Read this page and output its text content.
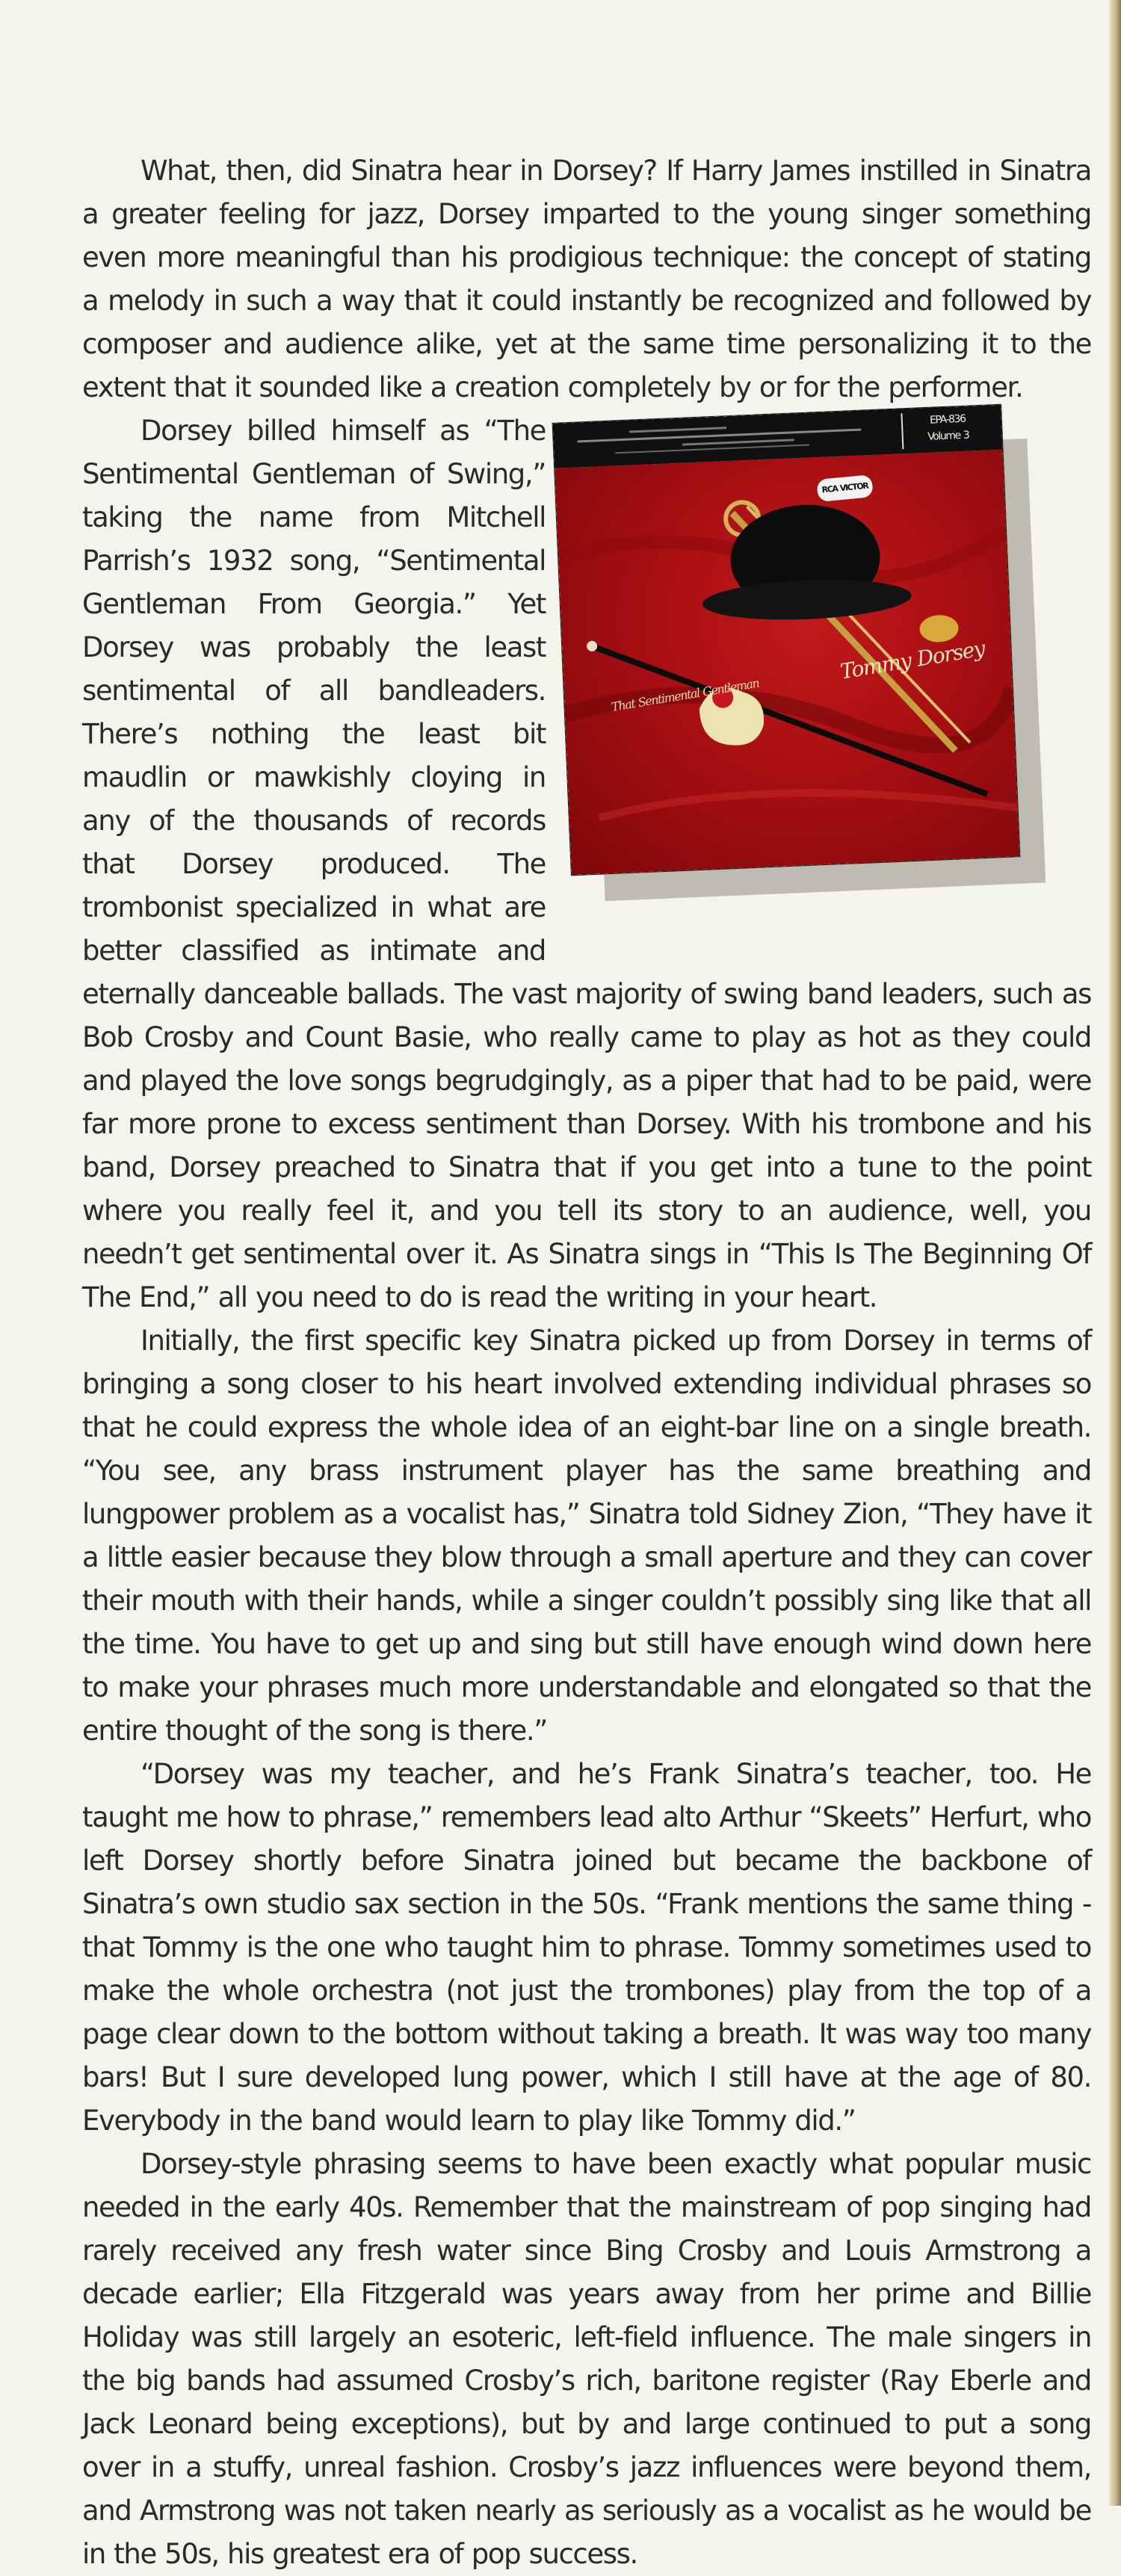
What, then, did Sinatra hear in Dorsey? If Harry James instilled in Sinatra a greater feeling for jazz, Dorsey imparted to the young singer something even more meaningful than his prodigious technique: the concept of stating a melody in such a way that it could instantly be recognized and followed by composer and audience alike, yet at the same time personalizing it to the extent that it sounded like a creation completely by or for the performer.

EPA-836
Volume 3
That Sentimental Gentleman
Tommy Dorsey
RCA VICTOR

Dorsey billed himself as “The Sentimental Gentleman of Swing,” taking the name from Mitchell Parrish’s 1932 song, “Sentimental Gentleman From Georgia.” Yet Dorsey was probably the least sentimental of all bandleaders. There’s nothing the least bit maudlin or mawkishly cloying in any of the thousands of records that Dorsey produced. The trombonist specialized in what are better classified as intimate and eternally danceable ballads. The vast majority of swing band leaders, such as Bob Crosby and Count Basie, who really came to play as hot as they could and played the love songs begrudgingly, as a piper that had to be paid, were far more prone to excess sentiment than Dorsey. With his trombone and his band, Dorsey preached to Sinatra that if you get into a tune to the point where you really feel it, and you tell its story to an audience, well, you needn’t get sentimental over it. As Sinatra sings in “This Is The Beginning Of The End,” all you need to do is read the writing in your heart.

Initially, the first specific key Sinatra picked up from Dorsey in terms of bringing a song closer to his heart involved extending individual phrases so that he could express the whole idea of an eight-bar line on a single breath. “You see, any brass instrument player has the same breathing and lungpower problem as a vocalist has,” Sinatra told Sidney Zion, “They have it a little easier because they blow through a small aperture and they can cover their mouth with their hands, while a singer couldn’t possibly sing like that all the time. You have to get up and sing but still have enough wind down here to make your phrases much more understandable and elongated so that the entire thought of the song is there.”

“Dorsey was my teacher, and he’s Frank Sinatra’s teacher, too. He taught me how to phrase,” remembers lead alto Arthur “Skeets” Herfurt, who left Dorsey shortly before Sinatra joined but became the backbone of Sinatra’s own studio sax section in the 50s. “Frank mentions the same thing - that Tommy is the one who taught him to phrase. Tommy sometimes used to make the whole orchestra (not just the trombones) play from the top of a page clear down to the bottom without taking a breath. It was way too many bars! But I sure developed lung power, which I still have at the age of 80. Everybody in the band would learn to play like Tommy did.”

Dorsey-style phrasing seems to have been exactly what popular music needed in the early 40s. Remember that the mainstream of pop singing had rarely received any fresh water since Bing Crosby and Louis Armstrong a decade earlier; Ella Fitzgerald was years away from her prime and Billie Holiday was still largely an esoteric, left-field influence. The male singers in the big bands had assumed Crosby’s rich, baritone register (Ray Eberle and Jack Leonard being exceptions), but by and large continued to put a song over in a stuffy, unreal fashion. Crosby’s jazz influences were beyond them, and Armstrong was not taken nearly as seriously as a vocalist as he would be in the 50s, his greatest era of pop success.
